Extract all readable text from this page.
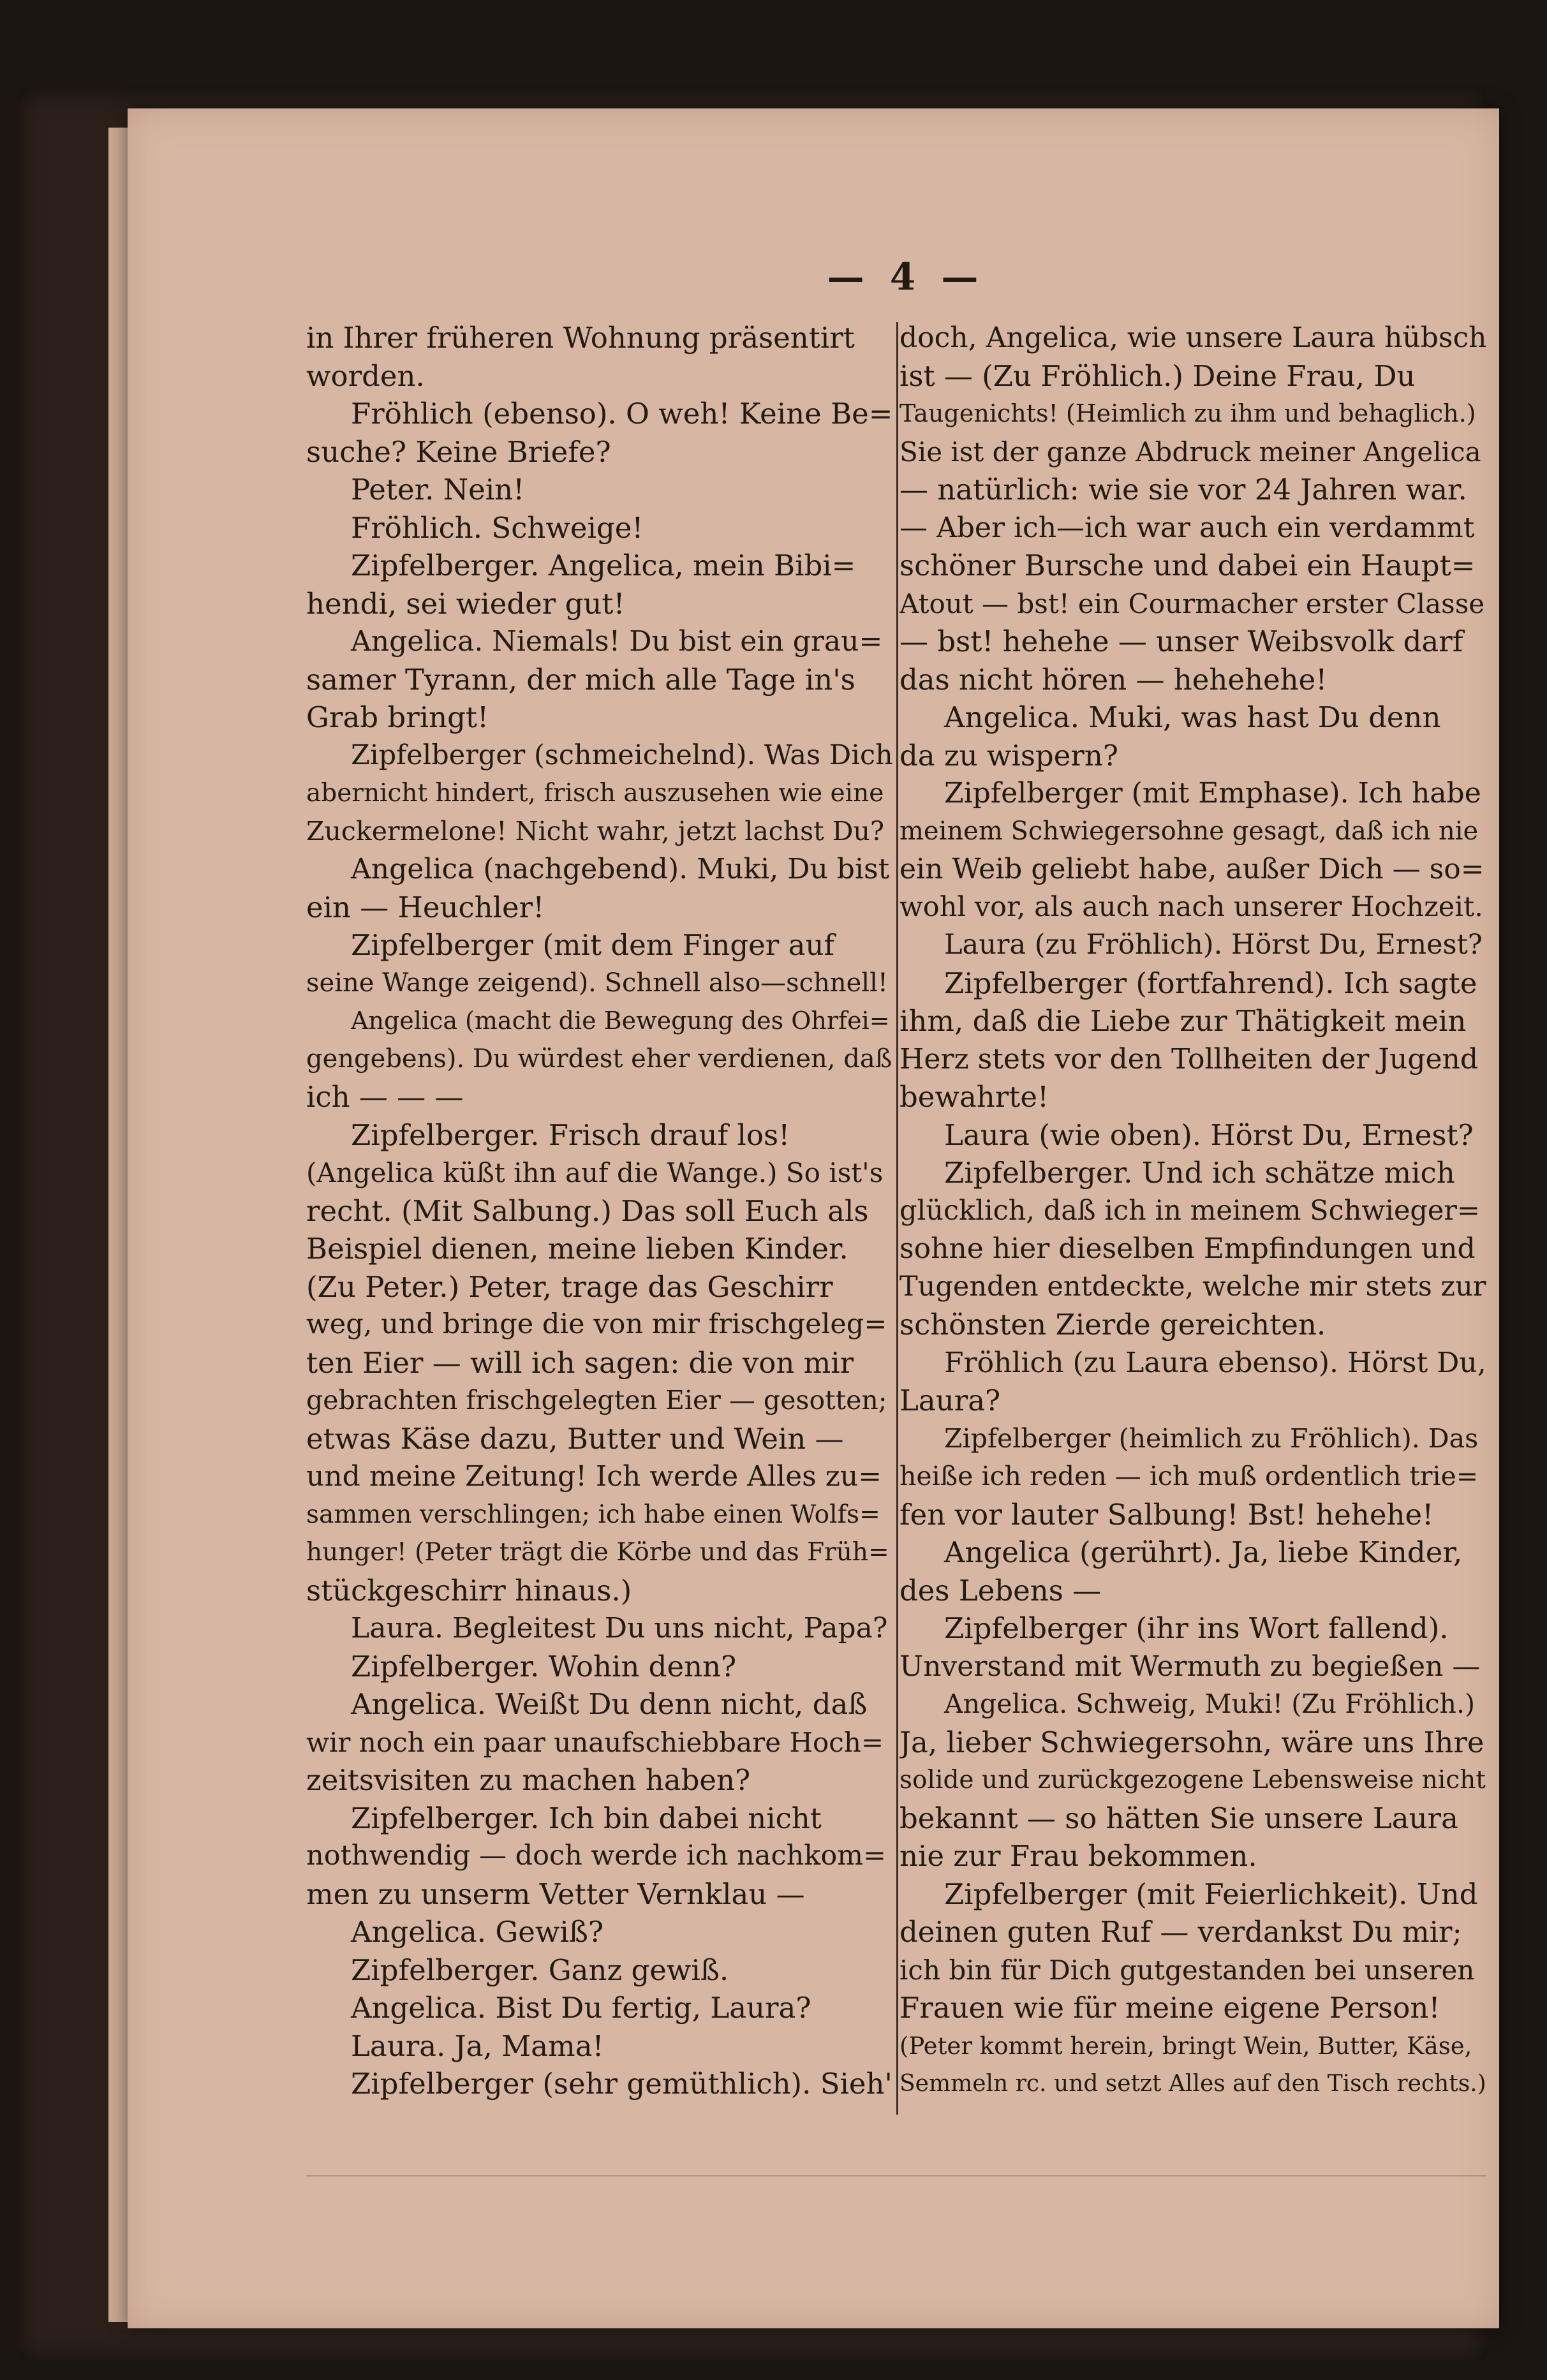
— 4 —
in Ihrer früheren Wohnung präsentirt
worden.
Fröhlich (ebenso). O weh! Keine Be=
suche? Keine Briefe?
Peter. Nein!
Fröhlich. Schweige!
Zipfelberger. Angelica, mein Bibi=
hendi, sei wieder gut!
Angelica. Niemals! Du bist ein grau=
samer Tyrann, der mich alle Tage in's
Grab bringt!
Zipfelberger (schmeichelnd). Was Dich
abernicht hindert, frisch auszusehen wie eine
Zuckermelone! Nicht wahr, jetzt lachst Du?
Angelica (nachgebend). Muki, Du bist
ein — Heuchler!
Zipfelberger (mit dem Finger auf
seine Wange zeigend). Schnell also—schnell!
Angelica (macht die Bewegung des Ohrfei=
gengebens). Du würdest eher verdienen, daß
ich — — —
Zipfelberger. Frisch drauf los!
(Angelica küßt ihn auf die Wange.) So ist's
recht. (Mit Salbung.) Das soll Euch als
Beispiel dienen, meine lieben Kinder.
(Zu Peter.) Peter, trage das Geschirr
weg, und bringe die von mir frischgeleg=
ten Eier — will ich sagen: die von mir
gebrachten frischgelegten Eier — gesotten;
etwas Käse dazu, Butter und Wein —
und meine Zeitung! Ich werde Alles zu=
sammen verschlingen; ich habe einen Wolfs=
hunger! (Peter trägt die Körbe und das Früh=
stückgeschirr hinaus.)
Laura. Begleitest Du uns nicht, Papa?
Zipfelberger. Wohin denn?
Angelica. Weißt Du denn nicht, daß
wir noch ein paar unaufschiebbare Hoch=
zeitsvisiten zu machen haben?
Zipfelberger. Ich bin dabei nicht
nothwendig — doch werde ich nachkom=
men zu unserm Vetter Vernklau —
Angelica. Gewiß?
Zipfelberger. Ganz gewiß.
Angelica. Bist Du fertig, Laura?
Laura. Ja, Mama!
Zipfelberger (sehr gemüthlich). Sieh'
doch, Angelica, wie unsere Laura hübsch
ist — (Zu Fröhlich.) Deine Frau, Du
Taugenichts! (Heimlich zu ihm und behaglich.)
Sie ist der ganze Abdruck meiner Angelica
— natürlich: wie sie vor 24 Jahren war.
— Aber ich—ich war auch ein verdammt
schöner Bursche und dabei ein Haupt=
Atout — bst! ein Courmacher erster Classe
— bst! hehehe — unser Weibsvolk darf
das nicht hören — hehehehe!
Angelica. Muki, was hast Du denn
da zu wispern?
Zipfelberger (mit Emphase). Ich habe
meinem Schwiegersohne gesagt, daß ich nie
ein Weib geliebt habe, außer Dich — so=
wohl vor, als auch nach unserer Hochzeit.
Laura (zu Fröhlich). Hörst Du, Ernest?
Zipfelberger (fortfahrend). Ich sagte
ihm, daß die Liebe zur Thätigkeit mein
Herz stets vor den Tollheiten der Jugend
bewahrte!
Laura (wie oben). Hörst Du, Ernest?
Zipfelberger. Und ich schätze mich
glücklich, daß ich in meinem Schwieger=
sohne hier dieselben Empfindungen und
Tugenden entdeckte, welche mir stets zur
schönsten Zierde gereichten.
Fröhlich (zu Laura ebenso). Hörst Du,
Laura?
Zipfelberger (heimlich zu Fröhlich). Das
heiße ich reden — ich muß ordentlich trie=
fen vor lauter Salbung! Bst! hehehe!
Angelica (gerührt). Ja, liebe Kinder,
des Lebens —
Zipfelberger (ihr ins Wort fallend).
Unverstand mit Wermuth zu begießen —
Angelica. Schweig, Muki! (Zu Fröhlich.)
Ja, lieber Schwiegersohn, wäre uns Ihre
solide und zurückgezogene Lebensweise nicht
bekannt — so hätten Sie unsere Laura
nie zur Frau bekommen.
Zipfelberger (mit Feierlichkeit). Und
deinen guten Ruf — verdankst Du mir;
ich bin für Dich gutgestanden bei unseren
Frauen wie für meine eigene Person!
(Peter kommt herein, bringt Wein, Butter, Käse,
Semmeln rc. und setzt Alles auf den Tisch rechts.)
